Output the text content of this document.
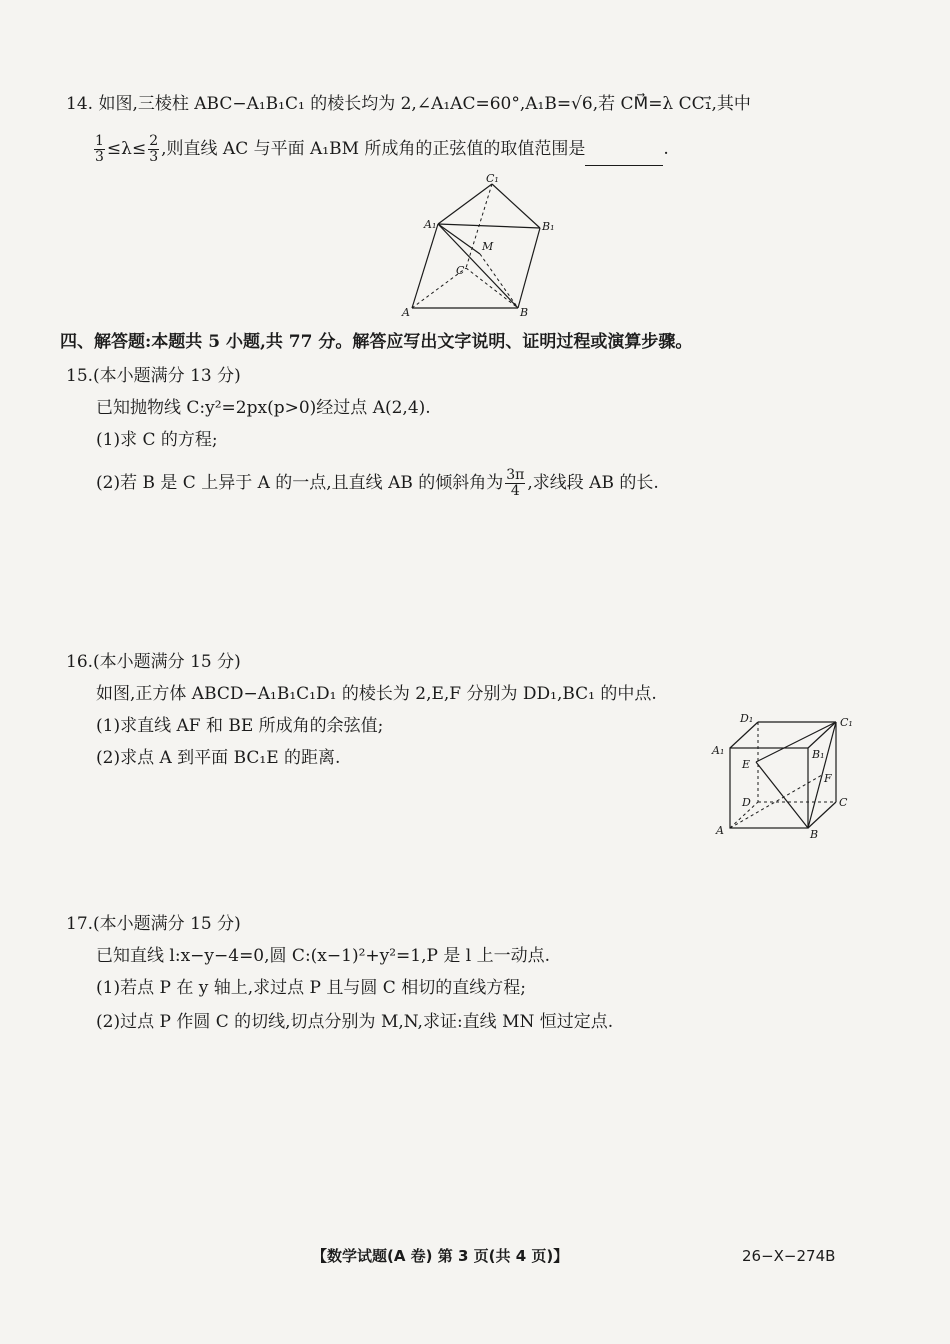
14. 如图,三棱柱 ABC−A₁B₁C₁ 的棱长均为 2,∠A₁AC=60°,A₁B=√6,若 CM⃗=λ CC₁⃗,其中
$\frac{1}{3} \le\lambda\le \frac{2}{3}$ ,则直线 AC 与平面 A₁BM 所成角的正弦值的取值范围是	.
C₁
A₁	B₁
M
C
A	B
四、解答题:本题共 5 小题,共 77 分。解答应写出文字说明、证明过程或演算步骤。
15.(本小题满分 13 分)
已知抛物线 C:y²=2px(p>0)经过点 A(2,4).
(1)求 C 的方程;
(2)若 B 是 C 上异于 A 的一点,且直线 AB 的倾斜角为 $\frac{3\pi}{4}$ ,求线段 AB 的长.
16.(本小题满分 15 分)
如图,正方体 ABCD−A₁B₁C₁D₁ 的棱长为 2,E,F 分别为 DD₁,BC₁ 的中点.
(1)求直线 AF 和 BE 所成角的余弦值;
(2)求点 A 到平面 BC₁E 的距离.
D₁	C₁
A₁	B₁
E
F
D	C
A	B
17.(本小题满分 15 分)
已知直线 l:x−y−4=0,圆 C:(x−1)²+y²=1,P 是 l 上一动点.
(1)若点 P 在 y 轴上,求过点 P 且与圆 C 相切的直线方程;
(2)过点 P 作圆 C 的切线,切点分别为 M,N,求证:直线 MN 恒过定点.
【数学试题(A 卷) 第 3 页(共 4 页)】	26−X−274B
